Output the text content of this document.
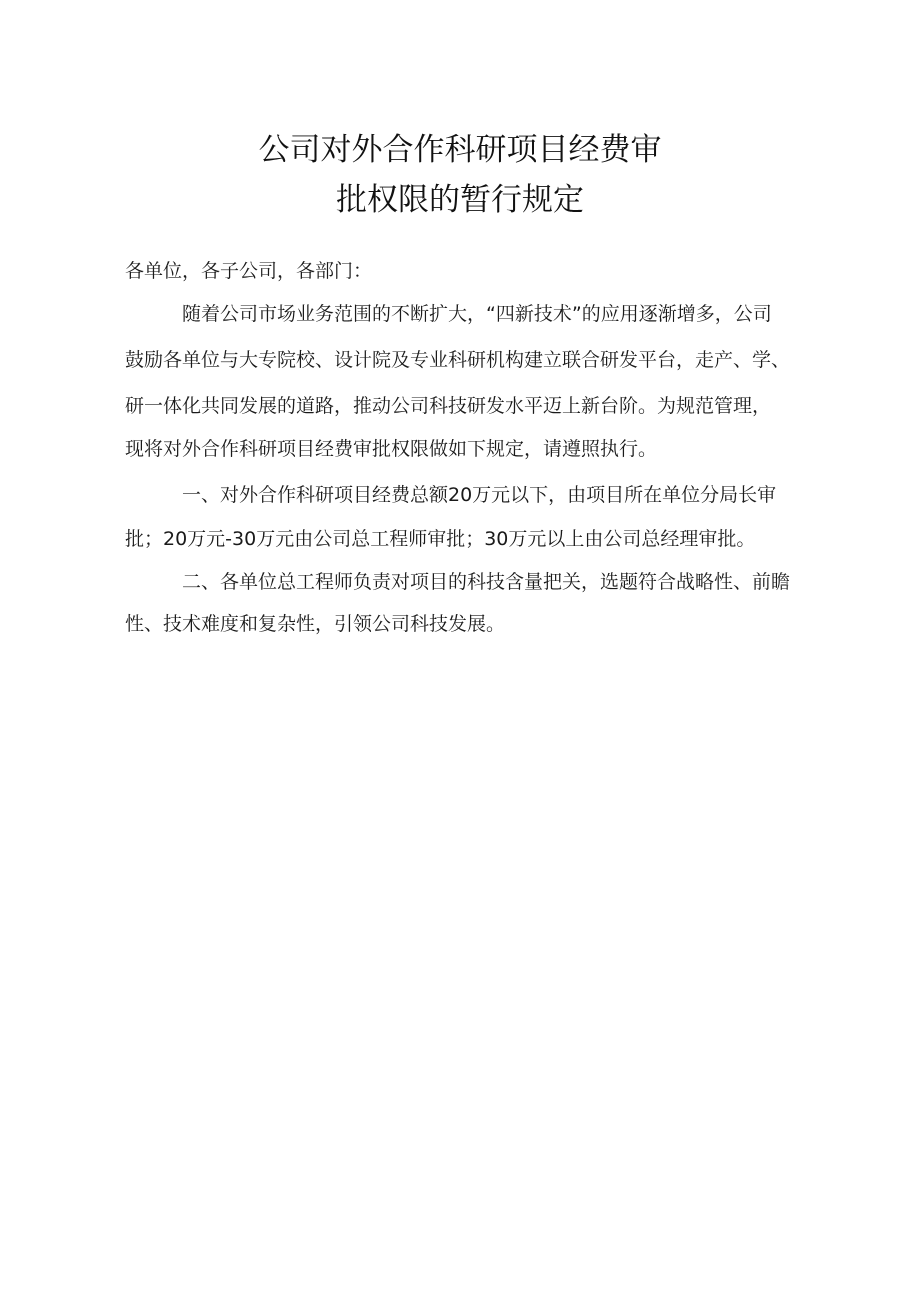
公司对外合作科研项目经费审
批权限的暂行规定
各单位，各子公司，各部门：
随着公司市场业务范围的不断扩大，“四新技术”的应用逐渐增多，公司
鼓励各单位与大专院校、设计院及专业科研机构建立联合研发平台，走产、学、
研一体化共同发展的道路，推动公司科技研发水平迈上新台阶。为规范管理，
现将对外合作科研项目经费审批权限做如下规定，请遵照执行。
一、对外合作科研项目经费总额20万元以下，由项目所在单位分局长审
批；20万元-30万元由公司总工程师审批；30万元以上由公司总经理审批。
二、各单位总工程师负责对项目的科技含量把关，选题符合战略性、前瞻
性、技术难度和复杂性，引领公司科技发展。
